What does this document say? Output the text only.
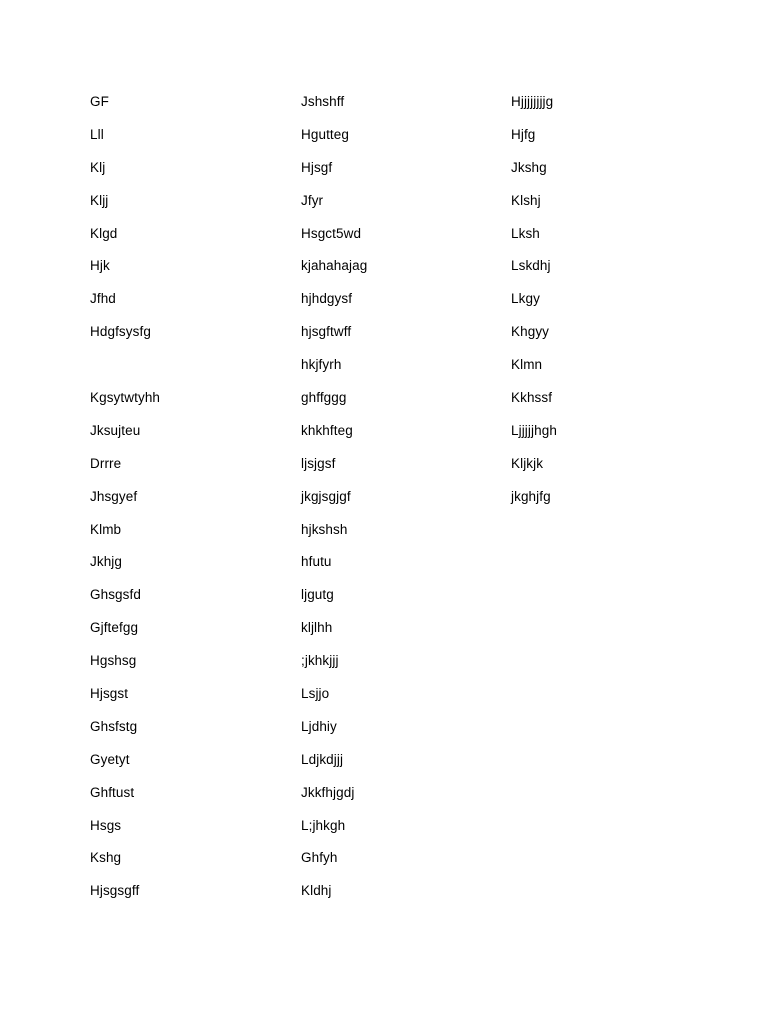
GF
Lll
Klj
Kljj
Klgd
Hjk
Jfhd
Hdgfsysfg
Kgsytwtyhh
Jksujteu
Drrre
Jhsgyef
Klmb
Jkhjg
Ghsgsfd
Gjftefgg
Hgshsg
Hjsgst
Ghsfstg
Gyetyt
Ghftust
Hsgs
Kshg
Hjsgsgff
Jshshff
Hgutteg
Hjsgf
Jfyr
Hsgct5wd
kjahahajag
hjhdgysf
hjsgftwff
hkjfyrh
ghffggg
khkhfteg
ljsjgsf
jkgjsgjgf
hjkshsh
hfutu
ljgutg
kljlhh
;jkhkjjj
Lsjjo
Ljdhiy
Ldjkdjjj
Jkkfhjgdj
L;jhkgh
Ghfyh
Kldhj
Hjjjjjjjjg
Hjfg
Jkshg
Klshj
Lksh
Lskdhj
Lkgy
Khgyy
Klmn
Kkhssf
Ljjjjjhgh
Kljkjk
jkghjfg
